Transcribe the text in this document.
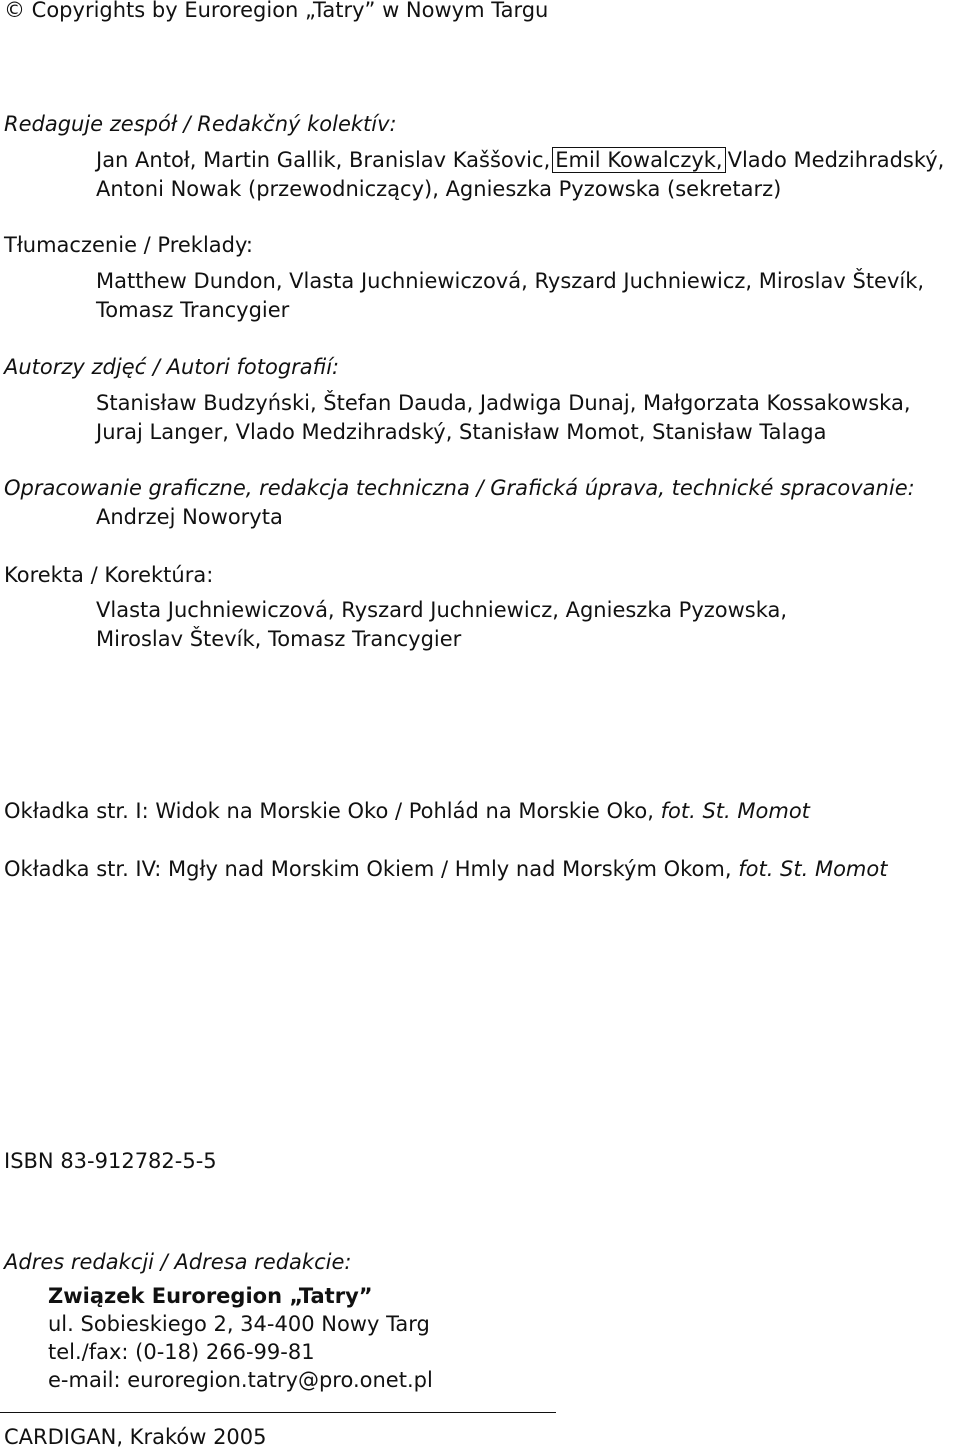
© Copyrights by Euroregion „Tatry” w Nowym Targu
Redaguje zespół / Redakčný kolektív:
Jan Antoł, Martin Gallik, Branislav Kaššovic, Emil Kowalczyk, Vlado Medzihradský,
Antoni Nowak (przewodniczący), Agnieszka Pyzowska (sekretarz)
Tłumaczenie / Preklady:
Matthew Dundon, Vlasta Juchniewiczová, Ryszard Juchniewicz, Miroslav Števík,
Tomasz Trancygier
Autorzy zdjęć / Autori fotografií:
Stanisław Budzyński, Štefan Dauda, Jadwiga Dunaj, Małgorzata Kossakowska,
Juraj Langer, Vlado Medzihradský, Stanisław Momot, Stanisław Talaga
Opracowanie graficzne, redakcja techniczna / Grafická úprava, technické spracovanie:
Andrzej Noworyta
Korekta / Korektúra:
Vlasta Juchniewiczová, Ryszard Juchniewicz, Agnieszka Pyzowska,
Miroslav Števík, Tomasz Trancygier
Okładka str. I: Widok na Morskie Oko / Pohlád na Morskie Oko, fot. St. Momot
Okładka str. IV: Mgły nad Morskim Okiem / Hmly nad Morským Okom, fot. St. Momot
ISBN 83-912782-5-5
Adres redakcji / Adresa redakcie:
Związek Euroregion „Tatry”
ul. Sobieskiego 2, 34-400 Nowy Targ
tel./fax: (0-18) 266-99-81
e-mail: euroregion.tatry@pro.onet.pl
CARDIGAN, Kraków 2005
